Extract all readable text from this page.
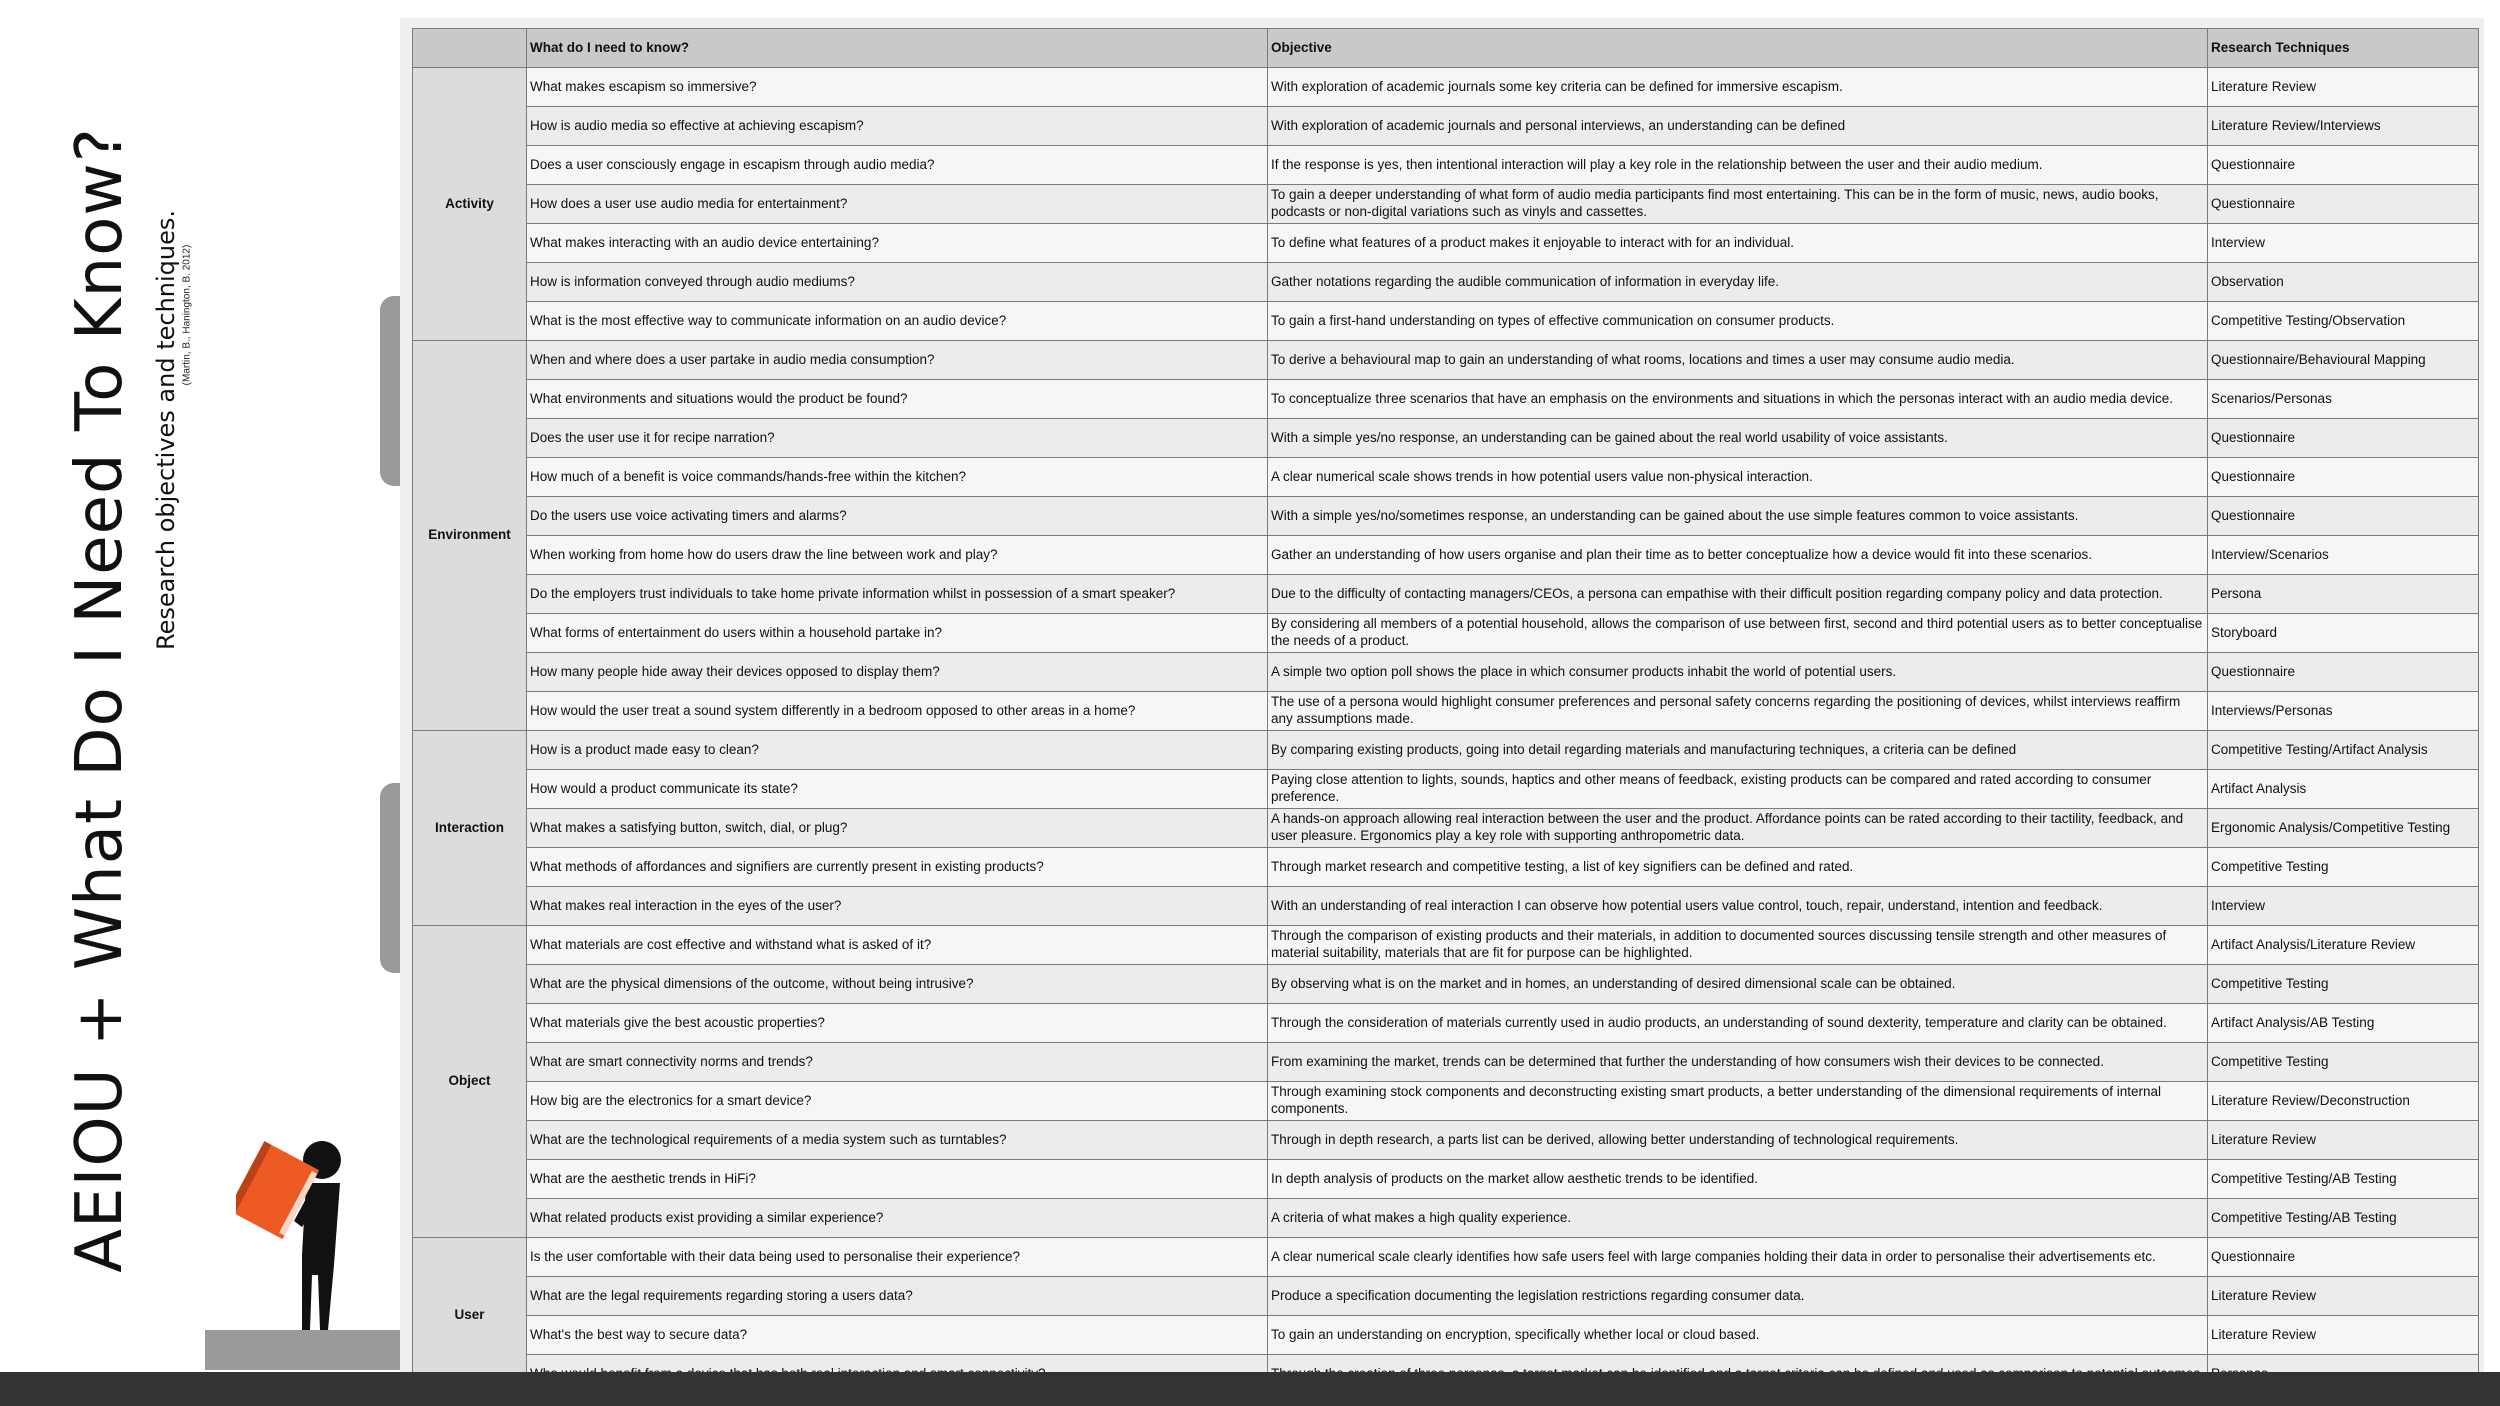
AEIOU + What Do I Need To Know? Research objectives and techniques. (Martin, B., Hanington, B. 2012)
	What do I need to know?	Objective	Research Techniques
Activity	What makes escapism so immersive?	With exploration of academic journals some key criteria can be defined for immersive escapism.	Literature Review
	How is audio media so effective at achieving escapism?	With exploration of academic journals and personal interviews, an understanding can be defined	Literature Review/Interviews
	Does a user consciously engage in escapism through audio media?	If the response is yes, then intentional interaction will play a key role in the relationship between the user and their audio medium.	Questionnaire
	How does a user use audio media for entertainment?	To gain a deeper understanding of what form of audio media participants find most entertaining. This can be in the form of music, news, audio books, podcasts or non-digital variations such as vinyls and cassettes.	Questionnaire
	What makes interacting with an audio device entertaining?	To define what features of a product makes it enjoyable to interact with for an individual.	Interview
	How is information conveyed through audio mediums?	Gather notations regarding the audible communication of information in everyday life.	Observation
	What is the most effective way to communicate information on an audio device?	To gain a first-hand understanding on types of effective communication on consumer products.	Competitive Testing/Observation
Environment	When and where does a user partake in audio media consumption?	To derive a behavioural map to gain an understanding of what rooms, locations and times a user may consume audio media.	Questionnaire/Behavioural Mapping
	What environments and situations would the product be found?	To conceptualize three scenarios that have an emphasis on the environments and situations in which the personas interact with an audio media device.	Scenarios/Personas
	Does the user use it for recipe narration?	With a simple yes/no response, an understanding can be gained about the real world usability of voice assistants.	Questionnaire
	How much of a benefit is voice commands/hands-free within the kitchen?	A clear numerical scale shows trends in how potential users value non-physical interaction.	Questionnaire
	Do the users use voice activating timers and alarms?	With a simple yes/no/sometimes response, an understanding can be gained about the use simple features common to voice assistants.	Questionnaire
	When working from home how do users draw the line between work and play?	Gather an understanding of how users organise and plan their time as to better conceptualize how a device would fit into these scenarios.	Interview/Scenarios
	Do the employers trust individuals to take home private information whilst in possession of a smart speaker?	Due to the difficulty of contacting managers/CEOs, a persona can empathise with their difficult position regarding company policy and data protection.	Persona
	What forms of entertainment do users within a household partake in?	By considering all members of a potential household, allows the comparison of use between first, second and third potential users as to better conceptualise the needs of a product.	Storyboard
	How many people hide away their devices opposed to display them?	A simple two option poll shows the place in which consumer products inhabit the world of potential users.	Questionnaire
	How would the user treat a sound system differently in a bedroom opposed to other areas in a home?	The use of a persona would highlight consumer preferences and personal safety concerns regarding the positioning of devices, whilst interviews reaffirm any assumptions made.	Interviews/Personas
Interaction	How is a product made easy to clean?	By comparing existing products, going into detail regarding materials and manufacturing techniques, a criteria can be defined	Competitive Testing/Artifact Analysis
	How would a product communicate its state?	Paying close attention to lights, sounds, haptics and other means of feedback, existing products can be compared and rated according to consumer preference.	Artifact Analysis
	What makes a satisfying button, switch, dial, or plug?	A hands-on approach allowing real interaction between the user and the product. Affordance points can be rated according to their tactility, feedback, and user pleasure. Ergonomics play a key role with supporting anthropometric data.	Ergonomic Analysis/Competitive Testing
	What methods of affordances and signifiers are currently present in existing products?	Through market research and competitive testing, a list of key signifiers can be defined and rated.	Competitive Testing
	What makes real interaction in the eyes of the user?	With an understanding of real interaction I can observe how potential users value control, touch, repair, understand, intention and feedback.	Interview
Object	What materials are cost effective and withstand what is asked of it?	Through the comparison of existing products and their materials, in addition to documented sources discussing tensile strength and other measures of material suitability, materials that are fit for purpose can be highlighted.	Artifact Analysis/Literature Review
	What are the physical dimensions of the outcome, without being intrusive?	By observing what is on the market and in homes, an understanding of desired dimensional scale can be obtained.	Competitive Testing
	What materials give the best acoustic properties?	Through the consideration of materials currently used in audio products, an understanding of sound dexterity, temperature and clarity can be obtained.	Artifact Analysis/AB Testing
	What are smart connectivity norms and trends?	From examining the market, trends can be determined that further the understanding of how consumers wish their devices to be connected.	Competitive Testing
	How big are the electronics for a smart device?	Through examining stock components and deconstructing existing smart products, a better understanding of the dimensional requirements of internal components.	Literature Review/Deconstruction
	What are the technological requirements of a media system such as turntables?	Through in depth research, a parts list can be derived, allowing better understanding of technological requirements.	Literature Review
	What are the aesthetic trends in HiFi?	In depth analysis of products on the market allow aesthetic trends to be identified.	Competitive Testing/AB Testing
	What related products exist providing a similar experience?	A criteria of what makes a high quality experience.	Competitive Testing/AB Testing
User	Is the user comfortable with their data being used to personalise their experience?	A clear numerical scale clearly identifies how safe users feel with large companies holding their data in order to personalise their advertisements etc.	Questionnaire
	What are the legal requirements regarding storing a users data?	Produce a specification documenting the legislation restrictions regarding consumer data.	Literature Review
	What's the best way to secure data?	To gain an understanding on encryption, specifically whether local or cloud based.	Literature Review
